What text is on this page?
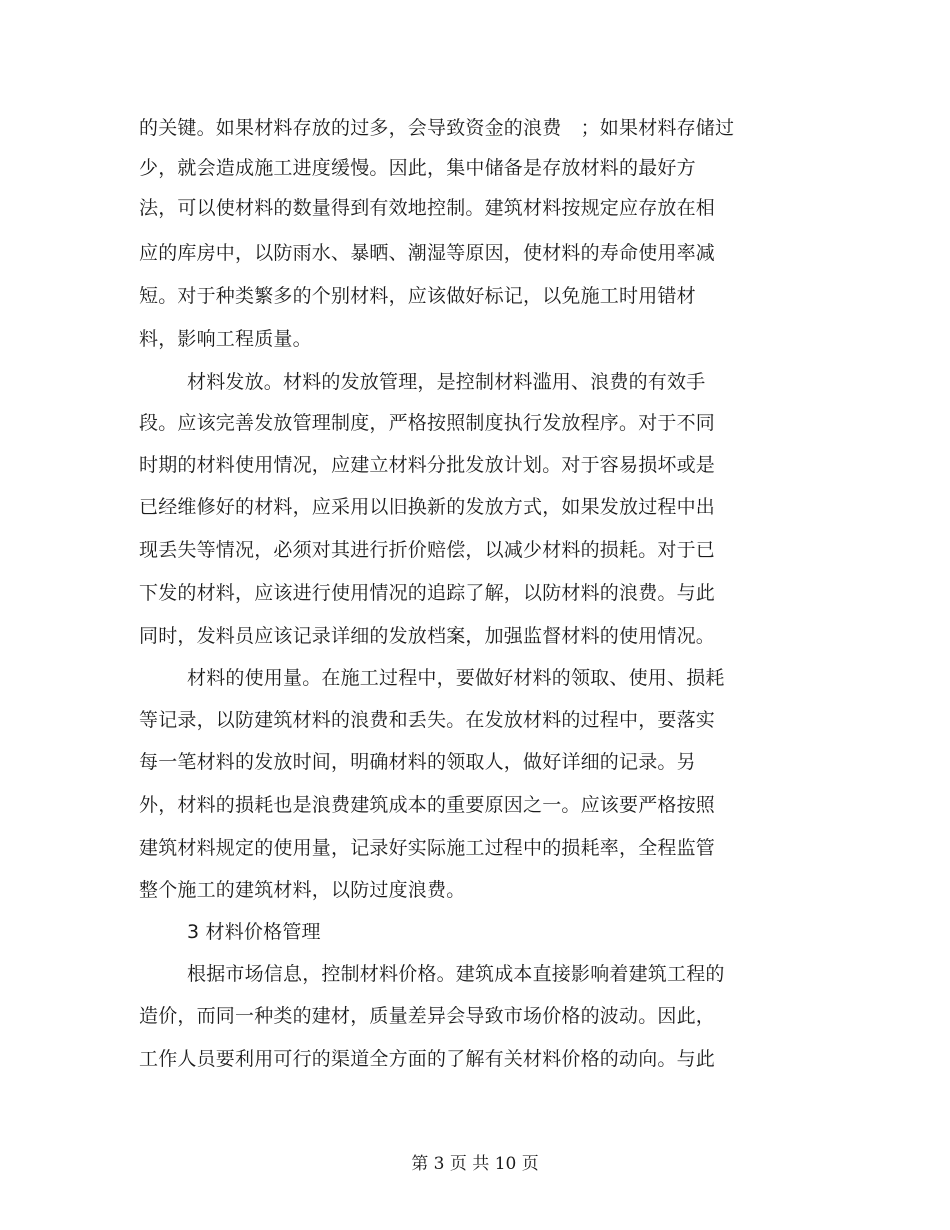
的关键。如果材料存放的过多，会导致资金的浪费　；如果材料存储过
少，就会造成施工进度缓慢。因此，集中储备是存放材料的最好方
法，可以使材料的数量得到有效地控制。建筑材料按规定应存放在相
应的库房中，以防雨水、暴晒、潮湿等原因，使材料的寿命使用率减
短。对于种类繁多的个别材料，应该做好标记，以免施工时用错材
料，影响工程质量。
材料发放。材料的发放管理，是控制材料滥用、浪费的有效手
段。应该完善发放管理制度，严格按照制度执行发放程序。对于不同
时期的材料使用情况，应建立材料分批发放计划。对于容易损坏或是
已经维修好的材料，应采用以旧换新的发放方式，如果发放过程中出
现丢失等情况，必须对其进行折价赔偿，以减少材料的损耗。对于已
下发的材料，应该进行使用情况的追踪了解，以防材料的浪费。与此
同时，发料员应该记录详细的发放档案，加强监督材料的使用情况。
材料的使用量。在施工过程中，要做好材料的领取、使用、损耗
等记录，以防建筑材料的浪费和丢失。在发放材料的过程中，要落实
每一笔材料的发放时间，明确材料的领取人，做好详细的记录。另
外，材料的损耗也是浪费建筑成本的重要原因之一。应该要严格按照
建筑材料规定的使用量，记录好实际施工过程中的损耗率，全程监管
整个施工的建筑材料，以防过度浪费。
3 材料价格管理
根据市场信息，控制材料价格。建筑成本直接影响着建筑工程的
造价，而同一种类的建材，质量差异会导致市场价格的波动。因此，
工作人员要利用可行的渠道全方面的了解有关材料价格的动向。与此
第 3 页 共 10 页
